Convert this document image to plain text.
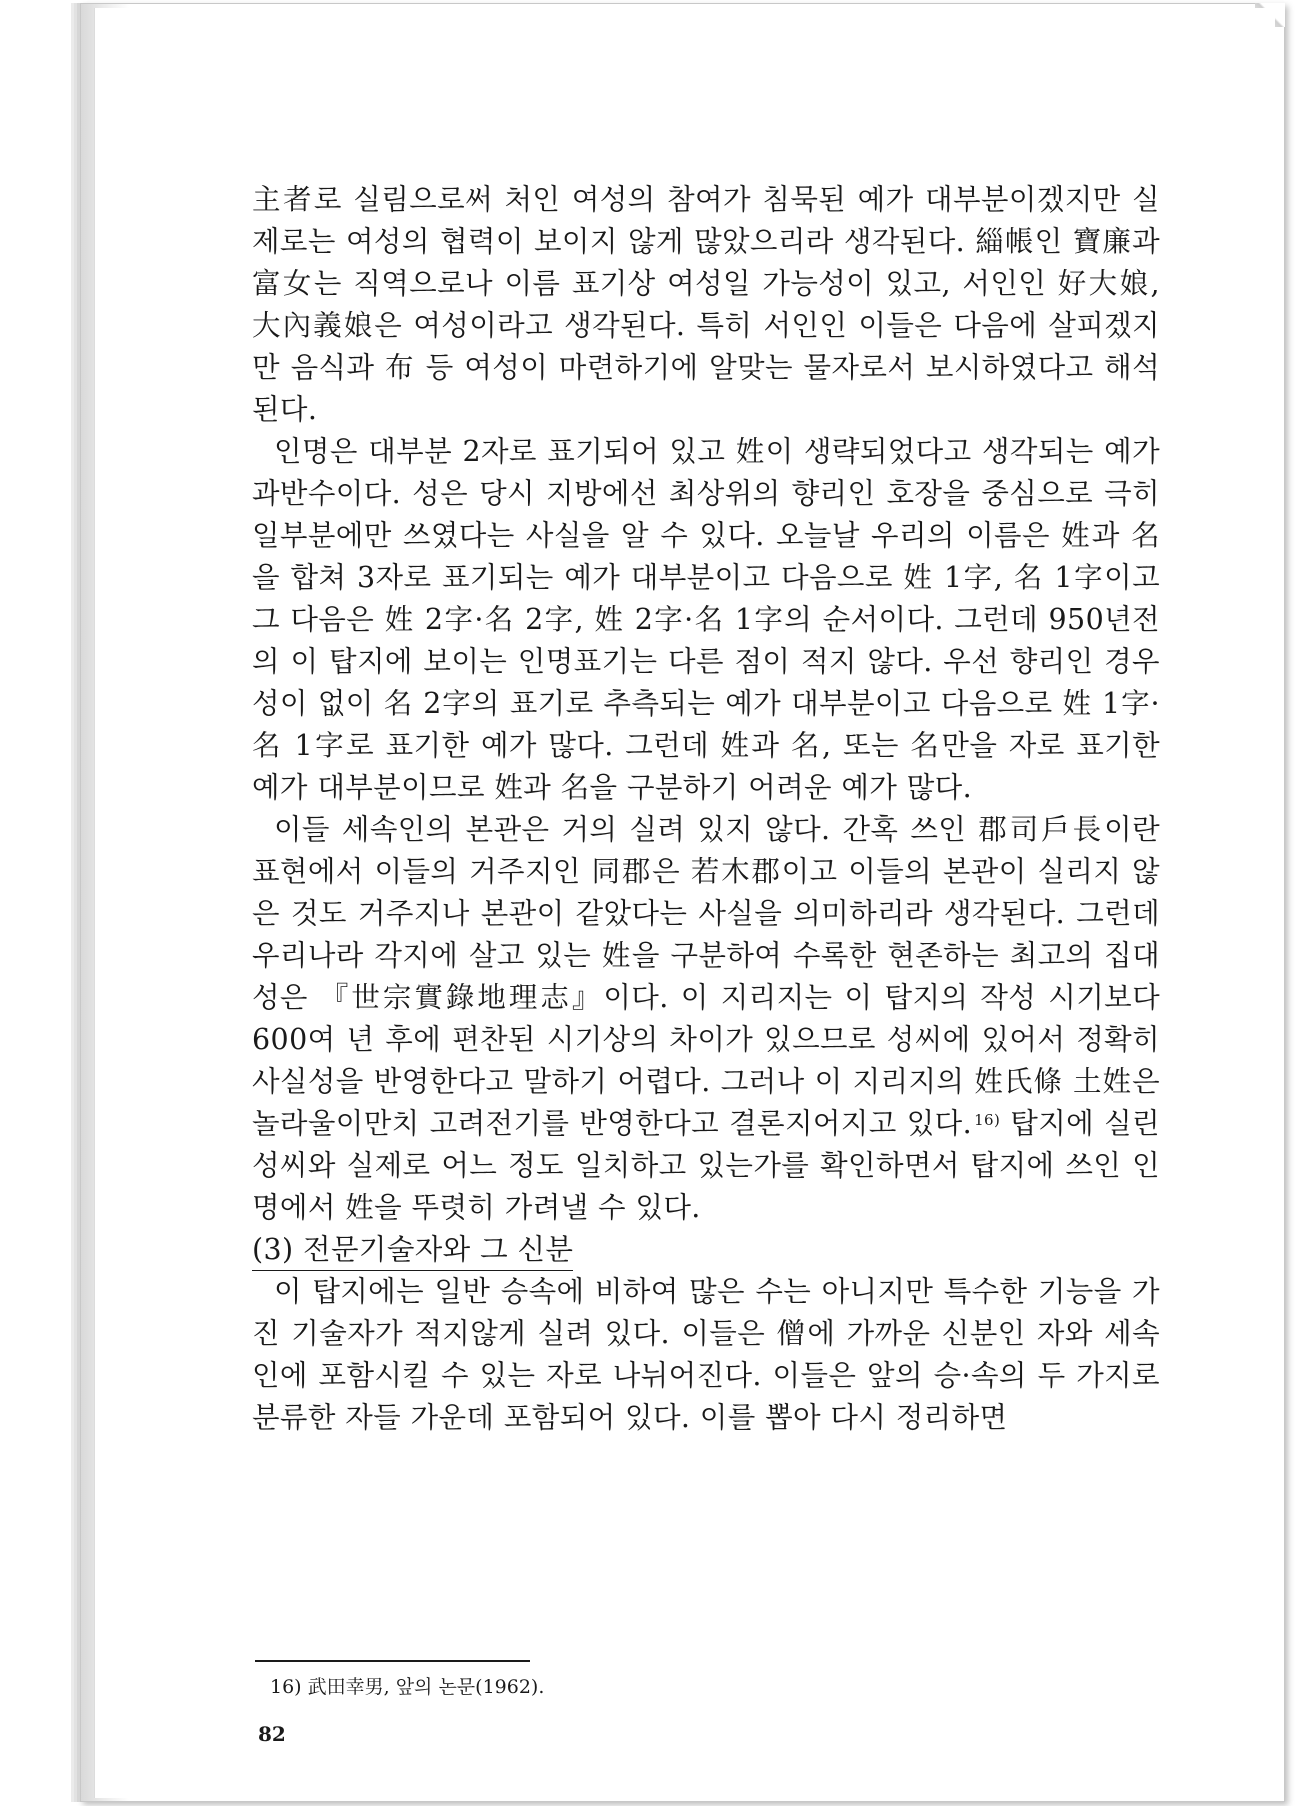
主者로 실림으로써 처인 여성의 참여가 침묵된 예가 대부분이겠지만 실제로는 여성의 협력이 보이지 않게 많았으리라 생각된다. 緇帳인 寶廉과 富女는 직역으로나 이름 표기상 여성일 가능성이 있고, 서인인 好大娘, 大內義娘은 여성이라고 생각된다. 특히 서인인 이들은 다음에 살피겠지만 음식과 布 등 여성이 마련하기에 알맞는 물자로서 보시하였다고 해석된다.

인명은 대부분 2자로 표기되어 있고 姓이 생략되었다고 생각되는 예가 과반수이다. 성은 당시 지방에선 최상위의 향리인 호장을 중심으로 극히 일부분에만 쓰였다는 사실을 알 수 있다. 오늘날 우리의 이름은 姓과 名을 합쳐 3자로 표기되는 예가 대부분이고 다음으로 姓 1字, 名 1字이고 그 다음은 姓 2字·名 2字, 姓 2字·名 1字의 순서이다. 그런데 950년전의 이 탑지에 보이는 인명표기는 다른 점이 적지 않다. 우선 향리인 경우 성이 없이 名 2字의 표기로 추측되는 예가 대부분이고 다음으로 姓 1字·名 1字로 표기한 예가 많다. 그런데 姓과 名, 또는 名만을 자로 표기한 예가 대부분이므로 姓과 名을 구분하기 어려운 예가 많다.

이들 세속인의 본관은 거의 실려 있지 않다. 간혹 쓰인 郡司戶長이란 표현에서 이들의 거주지인 同郡은 若木郡이고 이들의 본관이 실리지 않은 것도 거주지나 본관이 같았다는 사실을 의미하리라 생각된다. 그런데 우리나라 각지에 살고 있는 姓을 구분하여 수록한 현존하는 최고의 집대성은 『世宗實錄地理志』이다. 이 지리지는 이 탑지의 작성 시기보다 600여 년 후에 편찬된 시기상의 차이가 있으므로 성씨에 있어서 정확히 사실성을 반영한다고 말하기 어렵다. 그러나 이 지리지의 姓氏條 土姓은 놀라울이만치 고려전기를 반영한다고 결론지어지고 있다. $^{16)}$ 탑지에 실린 성씨와 실제로 어느 정도 일치하고 있는가를 확인하면서 탑지에 쓰인 인명에서 姓을 뚜렷히 가려낼 수 있다.

(3) 전문기술자와 그 신분

이 탑지에는 일반 승속에 비하여 많은 수는 아니지만 특수한 기능을 가진 기술자가 적지않게 실려 있다. 이들은 僧에 가까운 신분인 자와 세속인에 포함시킬 수 있는 자로 나뉘어진다. 이들은 앞의 승·속의 두 가지로 분류한 자들 가운데 포함되어 있다. 이를 뽑아 다시 정리하면

16) 武田幸男, 앞의 논문(1962).
82
